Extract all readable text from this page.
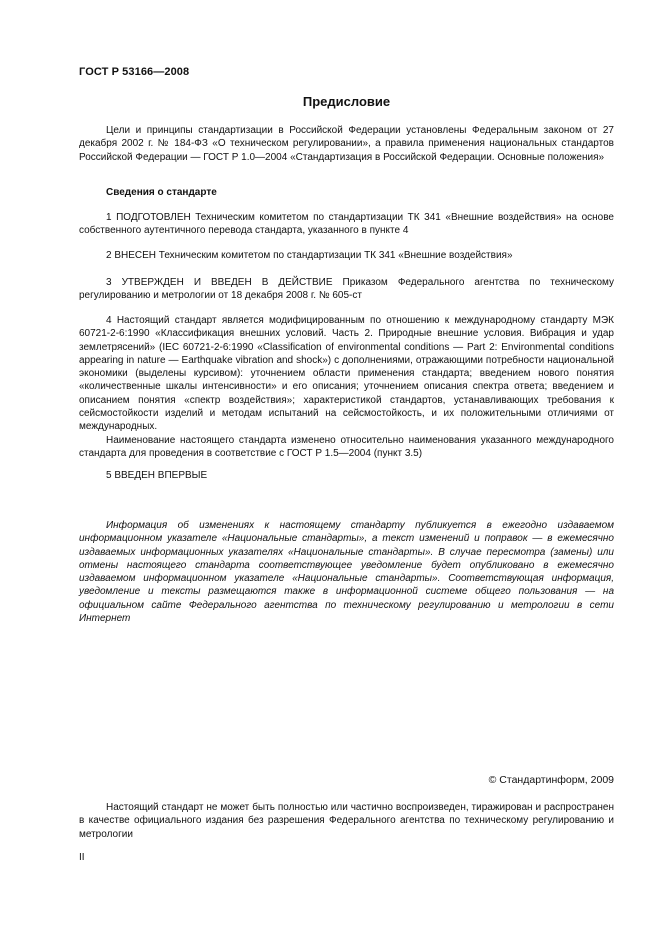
ГОСТ Р 53166—2008
Предисловие

Цели и принципы стандартизации в Российской Федерации установлены Федеральным законом от 27 декабря 2002 г. № 184-ФЗ «О техническом регулировании», а правила применения национальных стандартов Российской Федерации — ГОСТ Р 1.0—2004 «Стандартизация в Российской Федерации. Основные положения»

Сведения о стандарте

1 ПОДГОТОВЛЕН Техническим комитетом по стандартизации ТК 341 «Внешние воздействия» на основе собственного аутентичного перевода стандарта, указанного в пункте 4

2 ВНЕСЕН Техническим комитетом по стандартизации ТК 341 «Внешние воздействия»

3 УТВЕРЖДЕН И ВВЕДЕН В ДЕЙСТВИЕ Приказом Федерального агентства по техническому регулированию и метрологии от 18 декабря 2008 г. № 605-ст

4 Настоящий стандарт является модифицированным по отношению к международному стандарту МЭК 60721-2-6:1990 «Классификация внешних условий. Часть 2. Природные внешние условия. Вибрация и удар землетрясений» (IEC 60721-2-6:1990 «Classification of environmental conditions — Part 2: Environmental conditions appearing in nature — Earthquake vibration and shock») с дополнениями, отражающими потребности национальной экономики (выделены курсивом): уточнением области применения стандарта; введением нового понятия «количественные шкалы интенсивности» и его описания; уточнением описания спектра ответа; введением и описанием понятия «спектр воздействия»; характеристикой стандартов, устанавливающих требования к сейсмостойкости изделий и методам испытаний на сейсмостойкость, и их положительными отличиями от международных.

Наименование настоящего стандарта изменено относительно наименования указанного международного стандарта для проведения в соответствие с ГОСТ Р 1.5—2004 (пункт 3.5)

5 ВВЕДЕН ВПЕРВЫЕ

Информация об изменениях к настоящему стандарту публикуется в ежегодно издаваемом информационном указателе «Национальные стандарты», а текст изменений и поправок — в ежемесячно издаваемых информационных указателях «Национальные стандарты». В случае пересмотра (замены) или отмены настоящего стандарта соответствующее уведомление будет опубликовано в ежемесячно издаваемом информационном указателе «Национальные стандарты». Соответствующая информация, уведомление и тексты размещаются также в информационной системе общего пользования — на официальном сайте Федерального агентства по техническому регулированию и метрологии в сети Интернет

© Стандартинформ, 2009

Настоящий стандарт не может быть полностью или частично воспроизведен, тиражирован и распространен в качестве официального издания без разрешения Федерального агентства по техническому регулированию и метрологии

II
